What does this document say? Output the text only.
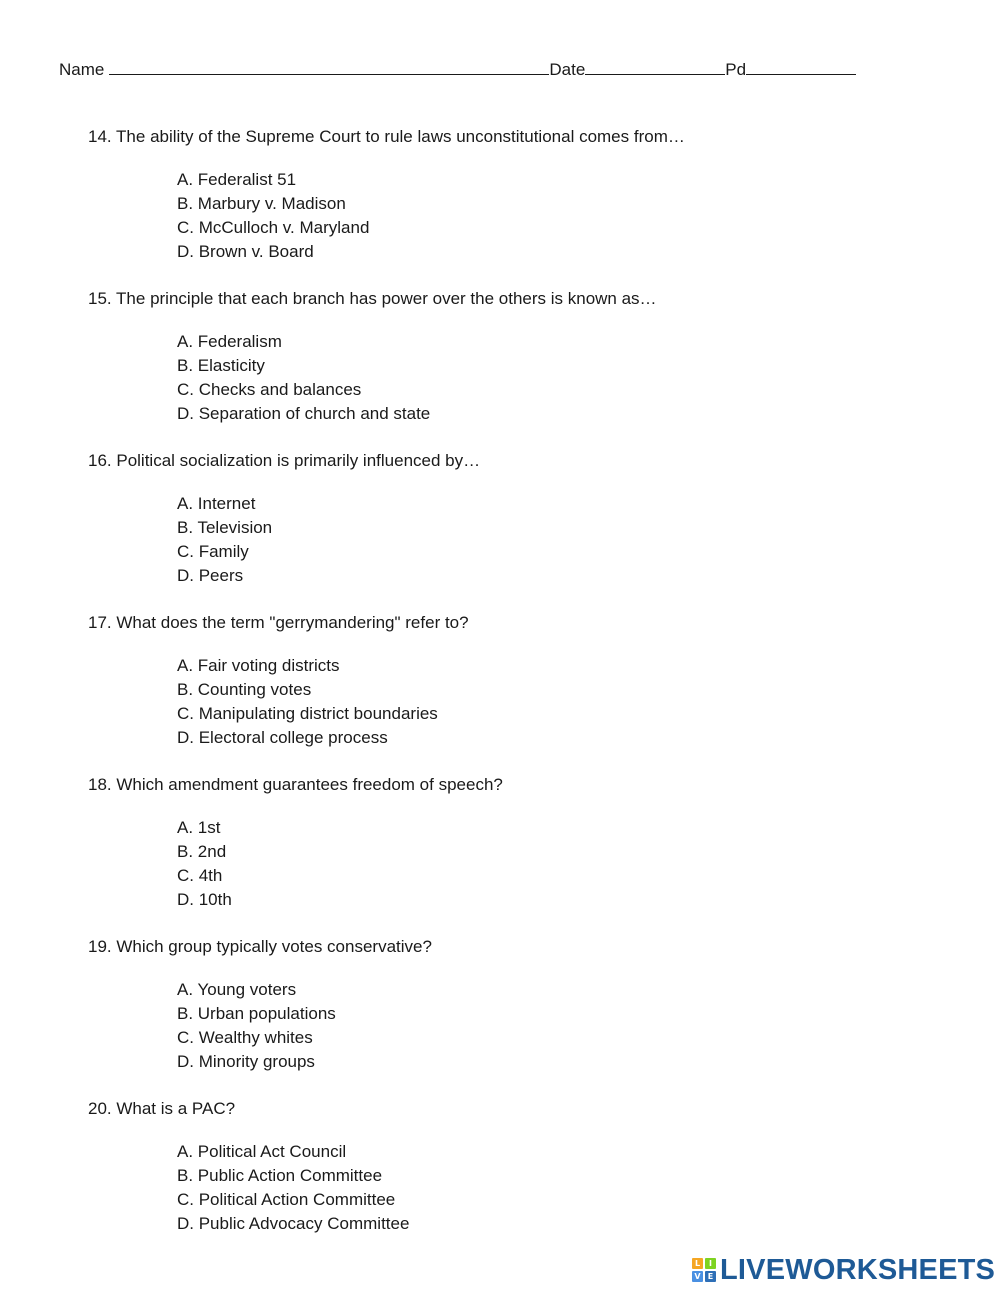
Name	Date	Pd

14. The ability of the Supreme Court to rule laws unconstitutional comes from…

A. Federalist 51
B. Marbury v. Madison
C. McCulloch v. Maryland
D. Brown v. Board

15. The principle that each branch has power over the others is known as…

A. Federalism
B. Elasticity
C. Checks and balances
D. Separation of church and state

16. Political socialization is primarily influenced by…

A. Internet
B. Television
C. Family
D. Peers

17. What does the term "gerrymandering" refer to?

A. Fair voting districts
B. Counting votes
C. Manipulating district boundaries
D. Electoral college process

18. Which amendment guarantees freedom of speech?

A. 1st
B. 2nd
C. 4th
D. 10th

19. Which group typically votes conservative?

A. Young voters
B. Urban populations
C. Wealthy whites
D. Minority groups

20. What is a PAC?

A. Political Act Council
B. Public Action Committee
C. Political Action Committee
D. Public Advocacy Committee
L	I
V E LIVEWORKSHEETS
